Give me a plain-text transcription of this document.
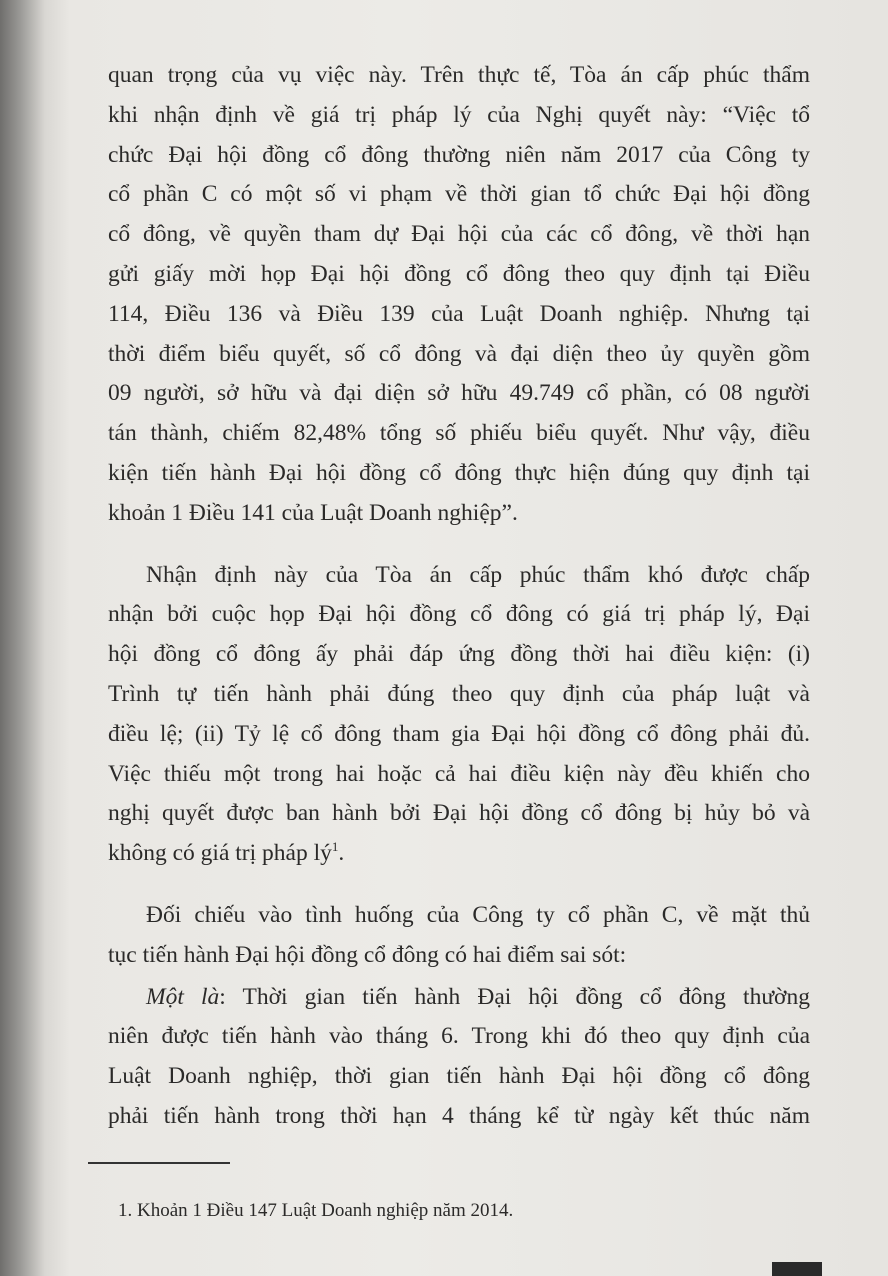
quan trọng của vụ việc này. Trên thực tế, Tòa án cấp phúc thẩm
khi nhận định về giá trị pháp lý của Nghị quyết này: “Việc tổ
chức Đại hội đồng cổ đông thường niên năm 2017 của Công ty
cổ phần C có một số vi phạm về thời gian tổ chức Đại hội đồng
cổ đông, về quyền tham dự Đại hội của các cổ đông, về thời hạn
gửi giấy mời họp Đại hội đồng cổ đông theo quy định tại Điều
114, Điều 136 và Điều 139 của Luật Doanh nghiệp. Nhưng tại
thời điểm biểu quyết, số cổ đông và đại diện theo ủy quyền gồm
09 người, sở hữu và đại diện sở hữu 49.749 cổ phần, có 08 người
tán thành, chiếm 82,48% tổng số phiếu biểu quyết. Như vậy, điều
kiện tiến hành Đại hội đồng cổ đông thực hiện đúng quy định tại
khoản 1 Điều 141 của Luật Doanh nghiệp”.
Nhận định này của Tòa án cấp phúc thẩm khó được chấp
nhận bởi cuộc họp Đại hội đồng cổ đông có giá trị pháp lý, Đại
hội đồng cổ đông ấy phải đáp ứng đồng thời hai điều kiện: (i)
Trình tự tiến hành phải đúng theo quy định của pháp luật và
điều lệ; (ii) Tỷ lệ cổ đông tham gia Đại hội đồng cổ đông phải đủ.
Việc thiếu một trong hai hoặc cả hai điều kiện này đều khiến cho
nghị quyết được ban hành bởi Đại hội đồng cổ đông bị hủy bỏ và
không có giá trị pháp $lý^1$.
Đối chiếu vào tình huống của Công ty cổ phần C, về mặt thủ
tục tiến hành Đại hội đồng cổ đông có hai điểm sai sót:
Một là: Thời gian tiến hành Đại hội đồng cổ đông thường
niên được tiến hành vào tháng 6. Trong khi đó theo quy định của
Luật Doanh nghiệp, thời gian tiến hành Đại hội đồng cổ đông
phải tiến hành trong thời hạn 4 tháng kể từ ngày kết thúc năm
1. Khoản 1 Điều 147 Luật Doanh nghiệp năm 2014.
